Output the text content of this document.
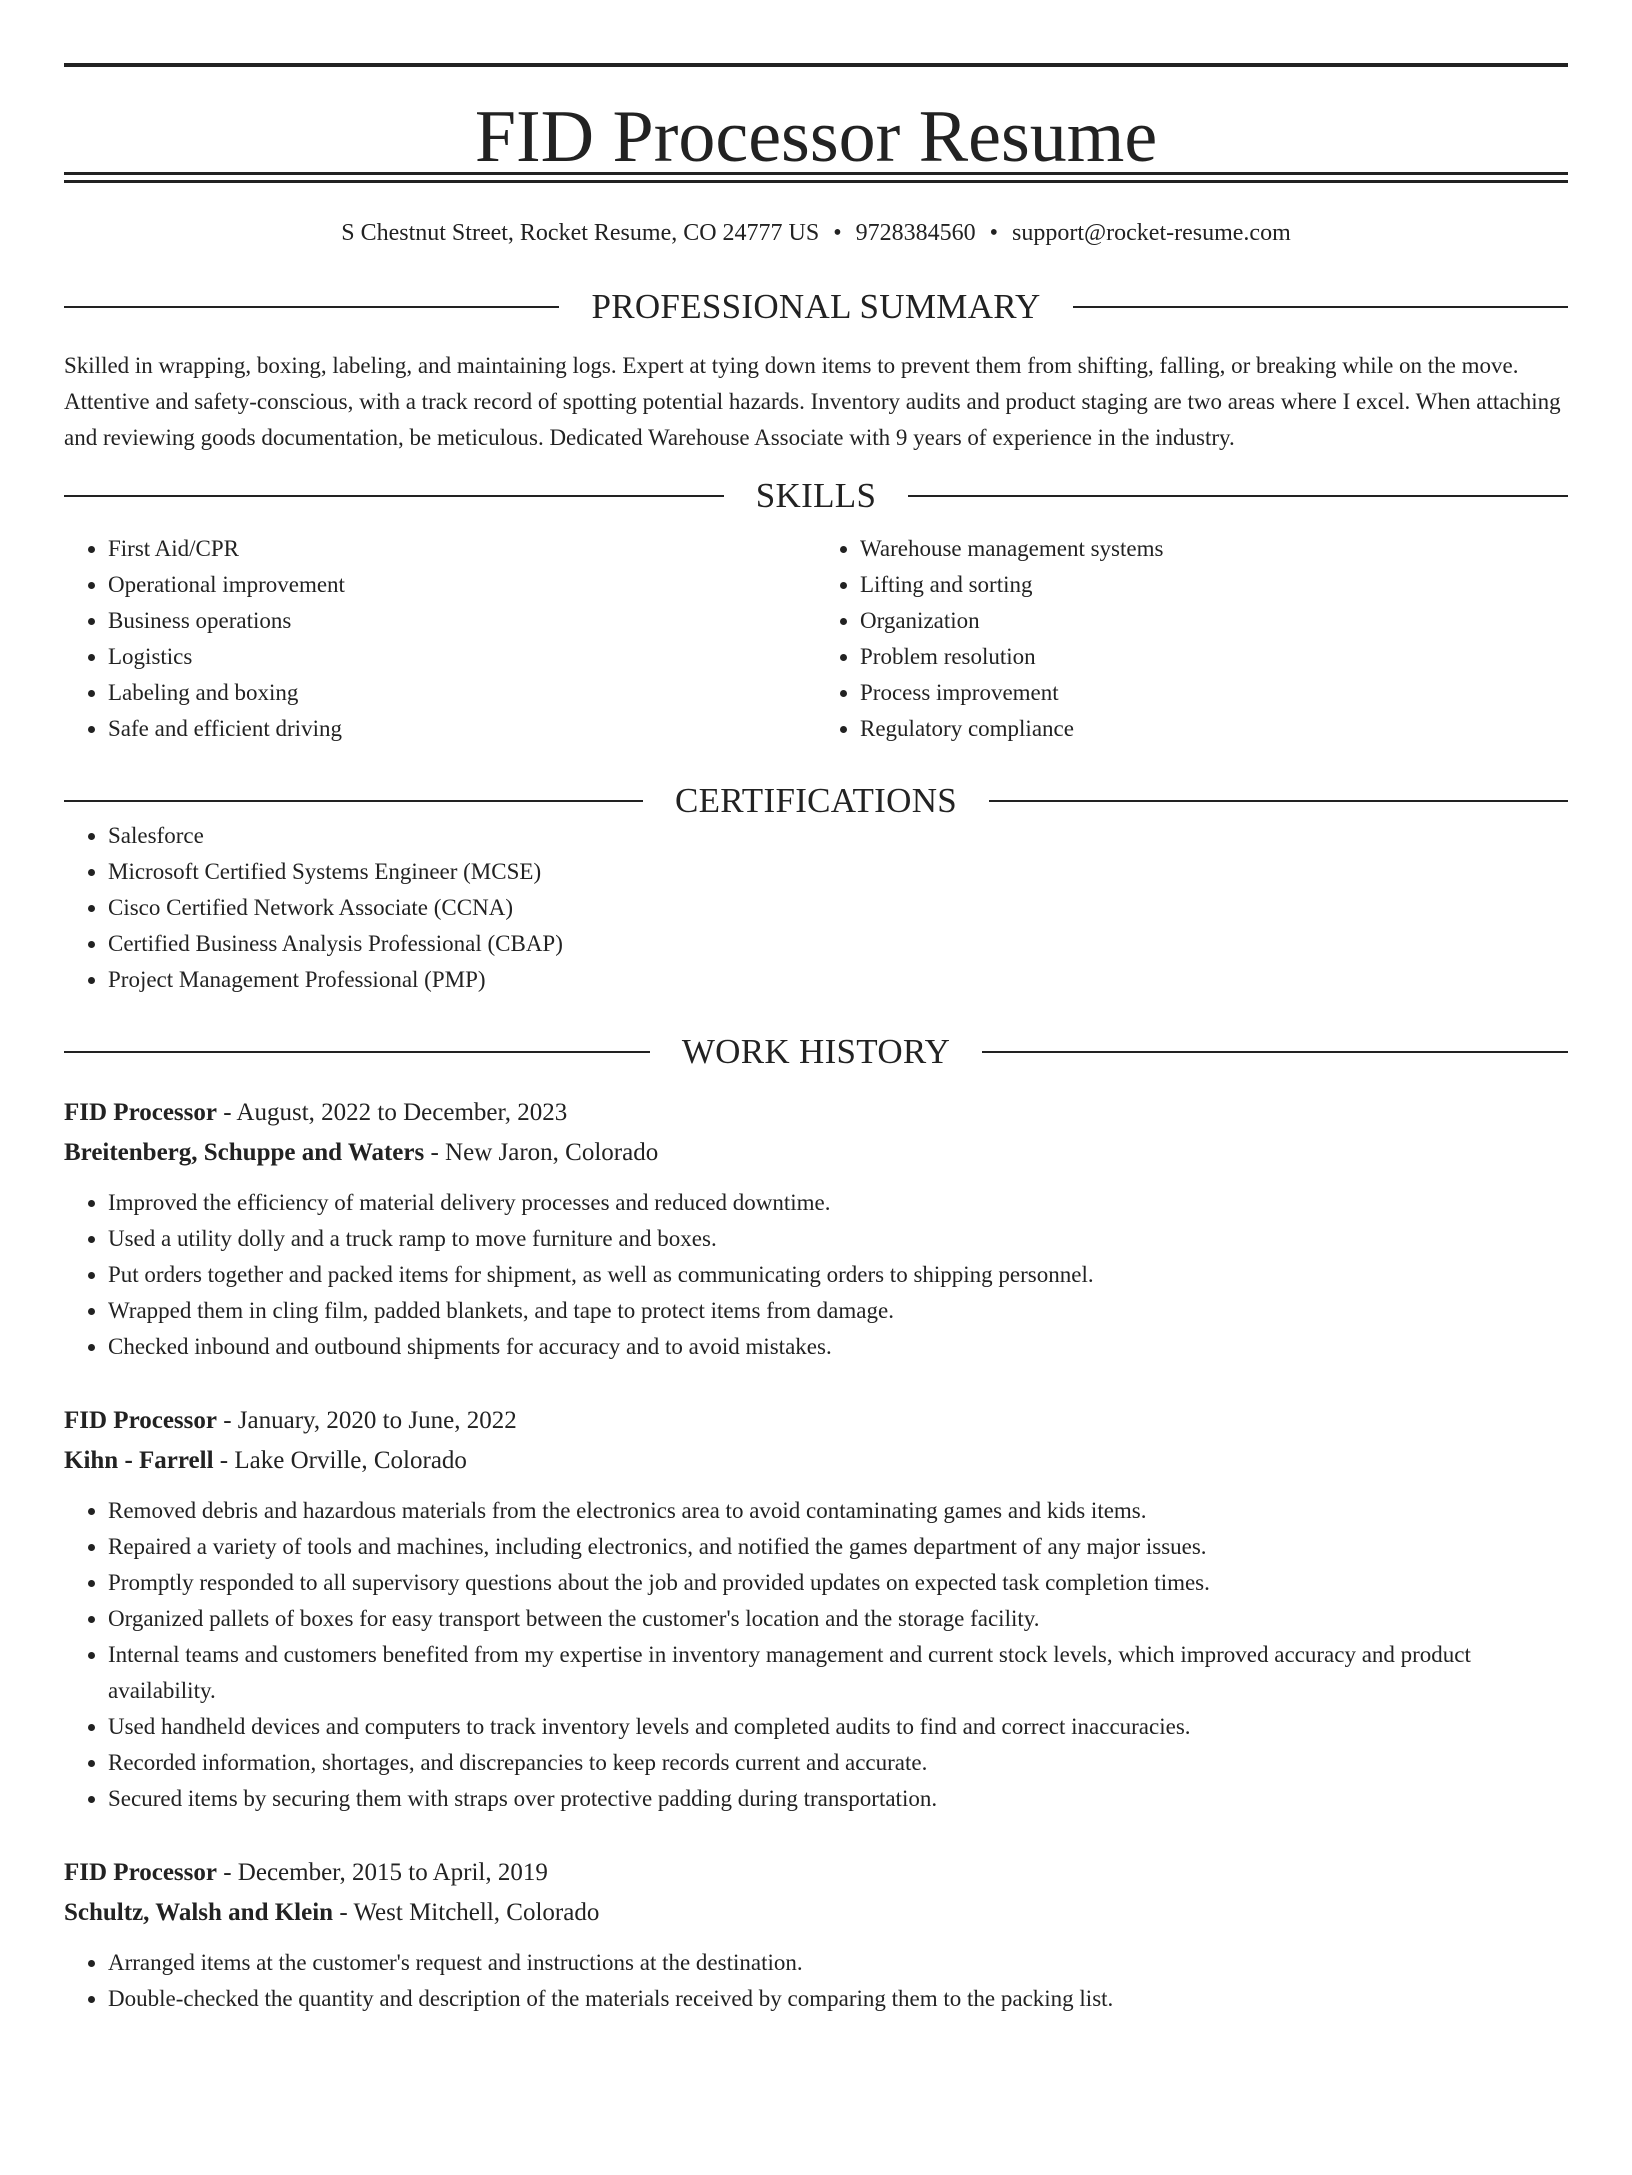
FID Processor Resume
S Chestnut Street, Rocket Resume, CO 24777 US • 9728384560 • support@rocket-resume.com
PROFESSIONAL SUMMARY

Skilled in wrapping, boxing, labeling, and maintaining logs. Expert at tying down items to prevent them from shifting, falling, or breaking while on the move. Attentive and safety-conscious, with a track record of spotting potential hazards. Inventory audits and product staging are two areas where I excel. When attaching and reviewing goods documentation, be meticulous. Dedicated Warehouse Associate with 9 years of experience in the industry.

SKILLS
• First Aid/CPR
• Operational improvement
• Business operations
• Logistics
• Labeling and boxing
• Safe and efficient driving
• Warehouse management systems
• Lifting and sorting
• Organization
• Problem resolution
• Process improvement
• Regulatory compliance
CERTIFICATIONS
• Salesforce
• Microsoft Certified Systems Engineer (MCSE)
• Cisco Certified Network Associate (CCNA)
• Certified Business Analysis Professional (CBAP)
• Project Management Professional (PMP)
WORK HISTORY
FID Processor - August, 2022 to December, 2023
Breitenberg, Schuppe and Waters - New Jaron, Colorado
• Improved the efficiency of material delivery processes and reduced downtime.
• Used a utility dolly and a truck ramp to move furniture and boxes.
• Put orders together and packed items for shipment, as well as communicating orders to shipping personnel.
• Wrapped them in cling film, padded blankets, and tape to protect items from damage.
• Checked inbound and outbound shipments for accuracy and to avoid mistakes.
FID Processor - January, 2020 to June, 2022
Kihn - Farrell - Lake Orville, Colorado
• Removed debris and hazardous materials from the electronics area to avoid contaminating games and kids items.
• Repaired a variety of tools and machines, including electronics, and notified the games department of any major issues.
• Promptly responded to all supervisory questions about the job and provided updates on expected task completion times.
• Organized pallets of boxes for easy transport between the customer's location and the storage facility.
• Internal teams and customers benefited from my expertise in inventory management and current stock levels, which improved accuracy and product availability.
• Used handheld devices and computers to track inventory levels and completed audits to find and correct inaccuracies.
• Recorded information, shortages, and discrepancies to keep records current and accurate.
• Secured items by securing them with straps over protective padding during transportation.
FID Processor - December, 2015 to April, 2019
Schultz, Walsh and Klein - West Mitchell, Colorado
• Arranged items at the customer's request and instructions at the destination.
• Double-checked the quantity and description of the materials received by comparing them to the packing list.
